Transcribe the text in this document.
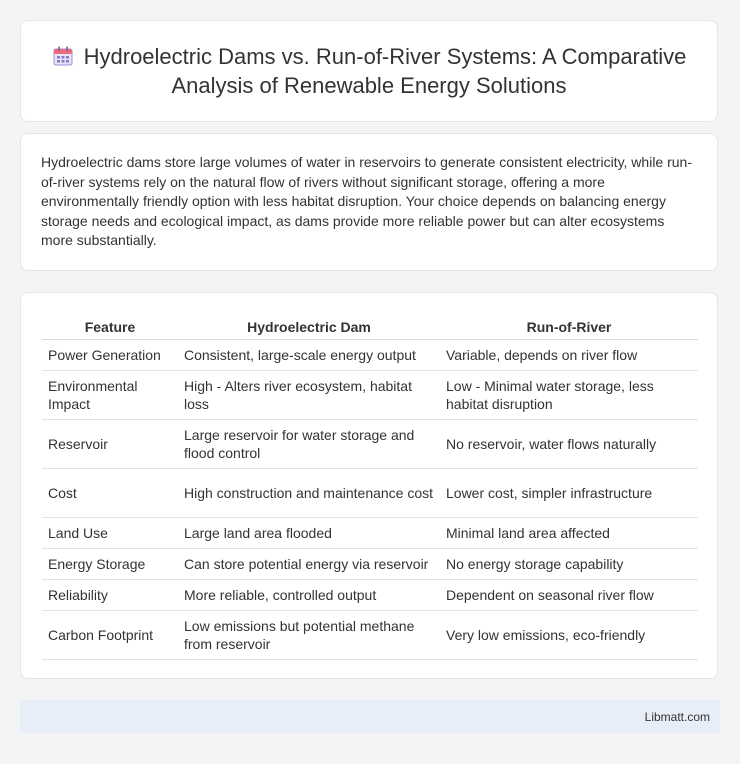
Hydroelectric Dams vs. Run-of-River Systems: A Comparative Analysis of Renewable Energy Solutions

Hydroelectric dams store large volumes of water in reservoirs to generate consistent electricity, while run-of-river systems rely on the natural flow of rivers without significant storage, offering a more environmentally friendly option with less habitat disruption. Your choice depends on balancing energy storage needs and ecological impact, as dams provide more reliable power but can alter ecosystems more substantially.

Feature	Hydroelectric Dam	Run-of-River
Power Generation	Consistent, large-scale energy output	Variable, depends on river flow
Environmental Impact	High - Alters river ecosystem, habitat loss	Low - Minimal water storage, less habitat disruption
Reservoir	Large reservoir for water storage and flood control	No reservoir, water flows naturally
Cost	High construction and maintenance cost	Lower cost, simpler infrastructure
Land Use	Large land area flooded	Minimal land area affected
Energy Storage	Can store potential energy via reservoir	No energy storage capability
Reliability	More reliable, controlled output	Dependent on seasonal river flow
Carbon Footprint	Low emissions but potential methane from reservoir	Very low emissions, eco-friendly
Libmatt.com
